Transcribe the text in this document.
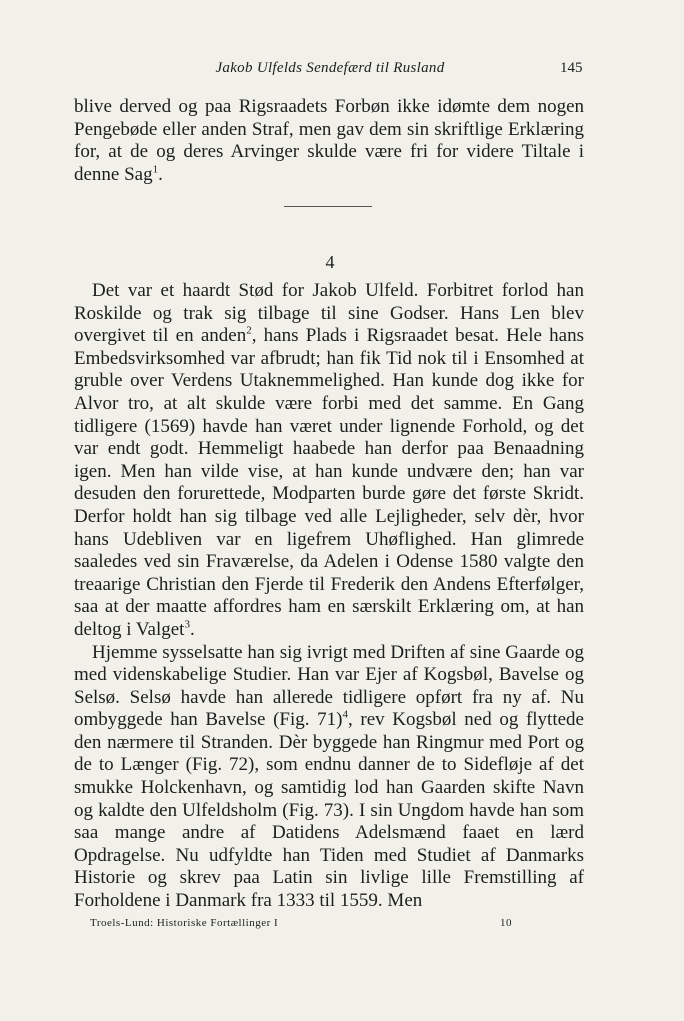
Jakob Ulfelds Sendefærd til Rusland	145

blive derved og paa Rigsraadets Forbøn ikke idømte dem nogen Pengebøde eller anden Straf, men gav dem sin skriftlige Erklæring for, at de og deres Arvinger skulde være fri for videre Tiltale i denne Sag$^1$.

4

Det var et haardt Stød for Jakob Ulfeld. Forbitret forlod han Roskilde og trak sig tilbage til sine Godser. Hans Len blev overgivet til en anden$^2$, hans Plads i Rigsraadet besat. Hele hans Embedsvirksomhed var afbrudt; han fik Tid nok til i Ensomhed at gruble over Verdens Utaknemmelighed. Han kunde dog ikke for Alvor tro, at alt skulde være forbi med det samme. En Gang tidligere (1569) havde han været under lignende Forhold, og det var endt godt. Hemmeligt haabede han derfor paa Benaadning igen. Men han vilde vise, at han kunde undvære den; han var desuden den forurettede, Modparten burde gøre det første Skridt. Derfor holdt han sig tilbage ved alle Lejligheder, selv dèr, hvor hans Udebliven var en ligefrem Uhøflighed. Han glimrede saaledes ved sin Fraværelse, da Adelen i Odense 1580 valgte den treaarige Christian den Fjerde til Frederik den Andens Efterfølger, saa at der maatte affordres ham en særskilt Erklæring om, at han deltog i Valget$^3$.

Hjemme sysselsatte han sig ivrigt med Driften af sine Gaarde og med videnskabelige Studier. Han var Ejer af Kogsbøl, Bavelse og Selsø. Selsø havde han allerede tidligere opført fra ny af. Nu ombyggede han Bavelse (Fig. 71)$^4$, rev Kogsbøl ned og flyttede den nærmere til Stranden. Dèr byggede han Ringmur med Port og de to Længer (Fig. 72), som endnu danner de to Sidefløje af det smukke Holckenhavn, og samtidig lod han Gaarden skifte Navn og kaldte den Ulfeldsholm (Fig. 73). I sin Ungdom havde han som saa mange andre af Datidens Adelsmænd faaet en lærd Opdragelse. Nu udfyldte han Tiden med Studiet af Danmarks Historie og skrev paa Latin sin livlige lille Fremstilling af Forholdene i Danmark fra 1333 til 1559. Men

Troels-Lund: Historiske Fortællinger I	10
